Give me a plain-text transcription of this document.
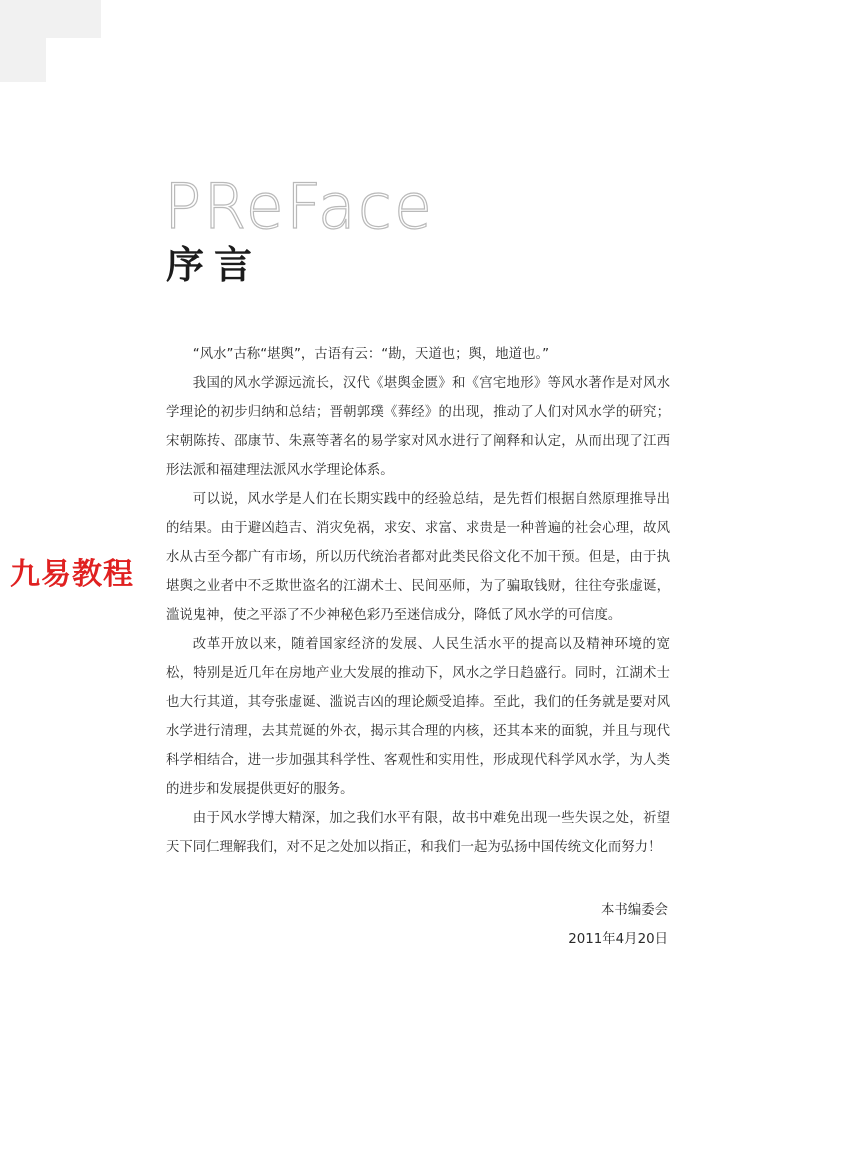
PReFace
序言

“风水”古称“堪舆”，古语有云：“勘，天道也；舆，地道也。”

我国的风水学源远流长，汉代《堪舆金匮》和《宫宅地形》等风水著作是对风水学理论的初步归纳和总结；晋朝郭璞《葬经》的出现，推动了人们对风水学的研究；宋朝陈抟、邵康节、朱熹等著名的易学家对风水进行了阐释和认定，从而出现了江西形法派和福建理法派风水学理论体系。

可以说，风水学是人们在长期实践中的经验总结，是先哲们根据自然原理推导出的结果。由于避凶趋吉、消灾免祸，求安、求富、求贵是一种普遍的社会心理，故风水从古至今都广有市场，所以历代统治者都对此类民俗文化不加干预。但是，由于执堪舆之业者中不乏欺世盗名的江湖术士、民间巫师，为了骗取钱财，往往夸张虚诞，滥说鬼神，使之平添了不少神秘色彩乃至迷信成分，降低了风水学的可信度。

改革开放以来，随着国家经济的发展、人民生活水平的提高以及精神环境的宽松，特别是近几年在房地产业大发展的推动下，风水之学日趋盛行。同时，江湖术士也大行其道，其夸张虚诞、滥说吉凶的理论颇受追捧。至此，我们的任务就是要对风水学进行清理，去其荒诞的外衣，揭示其合理的内核，还其本来的面貌，并且与现代科学相结合，进一步加强其科学性、客观性和实用性，形成现代科学风水学，为人类的进步和发展提供更好的服务。

由于风水学博大精深，加之我们水平有限，故书中难免出现一些失误之处，祈望天下同仁理解我们，对不足之处加以指正，和我们一起为弘扬中国传统文化而努力！

本书编委会
2011年4月20日
九易教程
